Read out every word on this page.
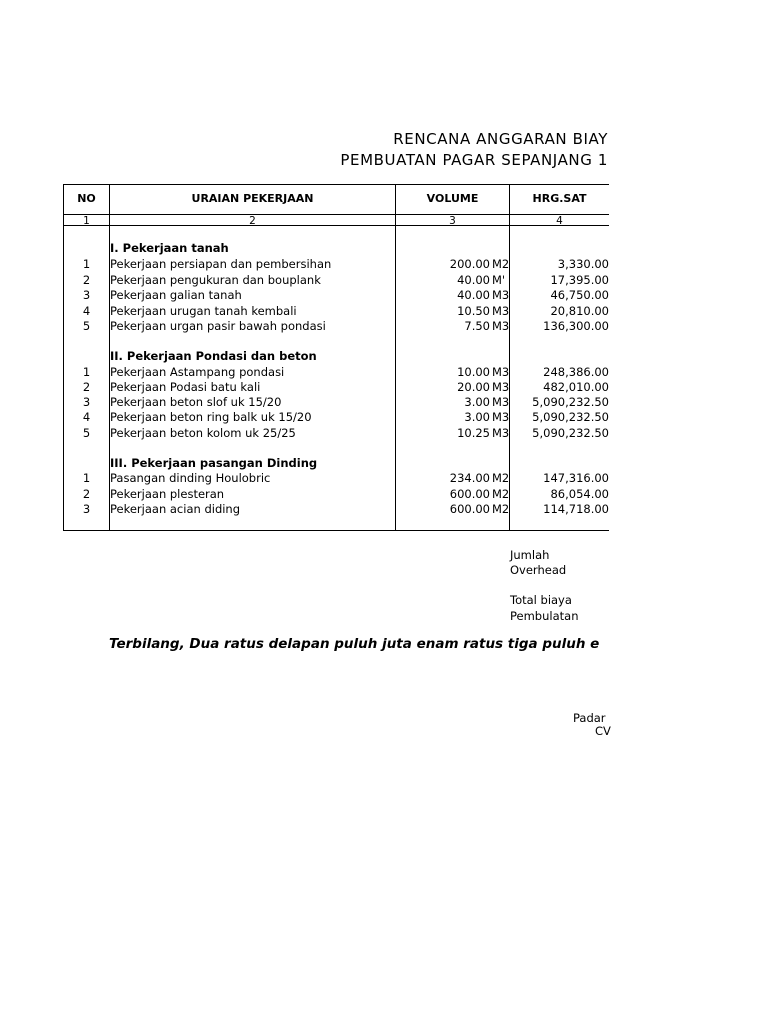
RENCANA ANGGARAN BIAY
PEMBUATAN PAGAR SEPANJANG 1
NO	URAIAN PEKERJAAN	VOLUME	HRG.SAT
1	2	3	4
I. Pekerjaan tanah
1	Pekerjaan persiapan dan pembersihan	200.00 M2	3,330.00
2	Pekerjaan pengukuran dan bouplank	40.00 M'	17,395.00
3	Pekerjaan galian tanah	40.00 M3	46,750.00
4	Pekerjaan urugan tanah kembali	10.50 M3	20,810.00
5	Pekerjaan urgan pasir bawah pondasi	7.50 M3	136,300.00
II. Pekerjaan Pondasi dan beton
1	Pekerjaan Astampang pondasi	10.00 M3	248,386.00
2	Pekerjaan Podasi batu kali	20.00 M3	482,010.00
3	Pekerjaan beton slof uk 15/20	3.00 M3	5,090,232.50
4	Pekerjaan beton ring balk uk 15/20	3.00 M3	5,090,232.50
5	Pekerjaan beton kolom uk 25/25	10.25 M3	5,090,232.50
III. Pekerjaan pasangan Dinding
1	Pasangan dinding Houlobric	234.00 M2	147,316.00
2	Pekerjaan plesteran	600.00 M2	86,054.00
3	Pekerjaan acian diding	600.00 M2	114,718.00
Jumlah
Overhead
Total biaya
Pembulatan
Terbilang, Dua ratus delapan puluh juta enam ratus tiga puluh e
Padar
CV
